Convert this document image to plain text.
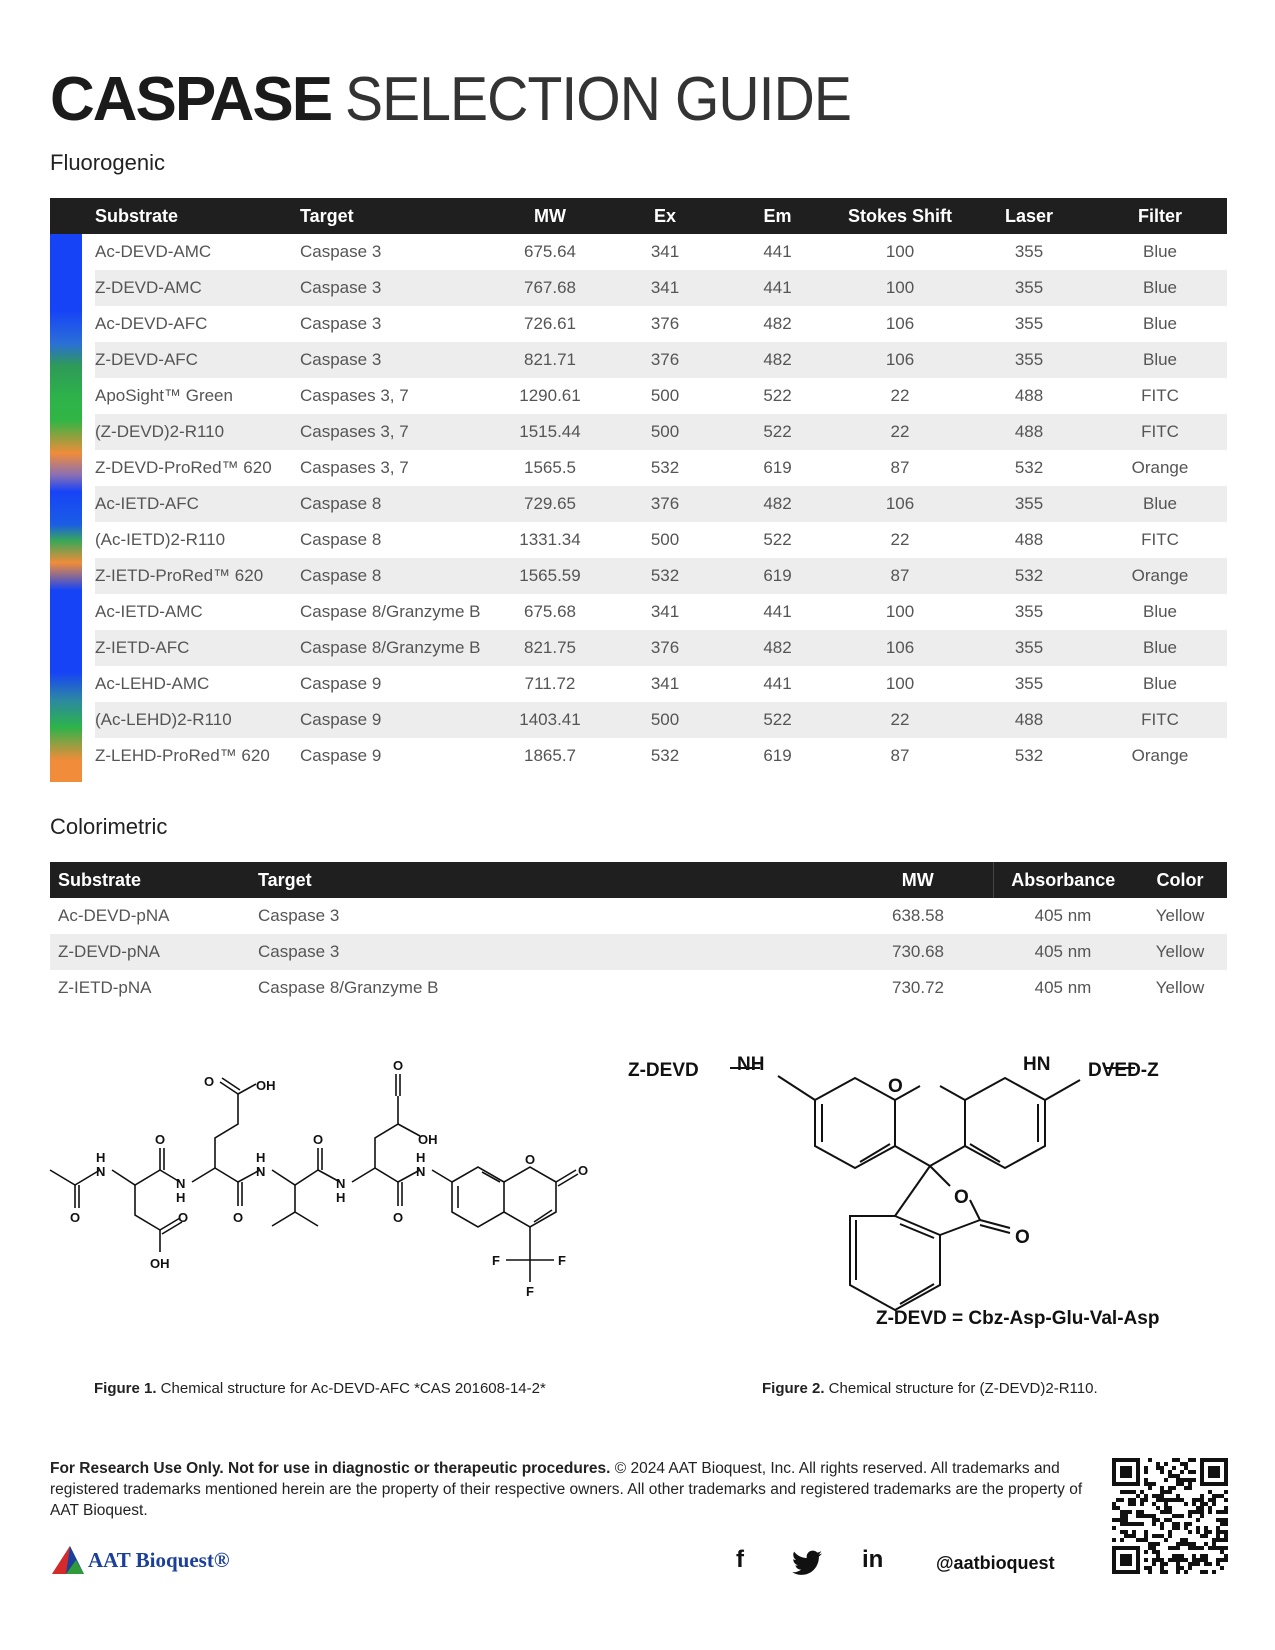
CASPASE SELECTION GUIDE
Fluorogenic
	Substrate	Target	MW	Ex	Em	Stokes Shift	Laser	Filter
	Ac-DEVD-AMC	Caspase 3	675.64	341	441	100	355	Blue
	Z-DEVD-AMC	Caspase 3	767.68	341	441	100	355	Blue
	Ac-DEVD-AFC	Caspase 3	726.61	376	482	106	355	Blue
	Z-DEVD-AFC	Caspase 3	821.71	376	482	106	355	Blue
	ApoSight™ Green	Caspases 3, 7	1290.61	500	522	22	488	FITC
	(Z-DEVD)2-R110	Caspases 3, 7	1515.44	500	522	22	488	FITC
	Z-DEVD-ProRed™ 620	Caspases 3, 7	1565.5	532	619	87	532	Orange
	Ac-IETD-AFC	Caspase 8	729.65	376	482	106	355	Blue
	(Ac-IETD)2-R110	Caspase 8	1331.34	500	522	22	488	FITC
	Z-IETD-ProRed™ 620	Caspase 8	1565.59	532	619	87	532	Orange
	Ac-IETD-AMC	Caspase 8/Granzyme B	675.68	341	441	100	355	Blue
	Z-IETD-AFC	Caspase 8/Granzyme B	821.75	376	482	106	355	Blue
	Ac-LEHD-AMC	Caspase 9	711.72	341	441	100	355	Blue
	(Ac-LEHD)2-R110	Caspase 9	1403.41	500	522	22	488	FITC
	Z-LEHD-ProRed™ 620	Caspase 9	1865.7	532	619	87	532	Orange
Colorimetric
Substrate	Target	MW	Absorbance	Color
Ac-DEVD-pNA	Caspase 3	638.58	405 nm	Yellow
Z-DEVD-pNA	Caspase 3	730.68	405 nm	Yellow
Z-IETD-pNA	Caspase 8/Granzyme B	730.72	405 nm	Yellow
O
H
N
O
O
OH
N
H
O	OH
O
H
N
O
N
H
O
OH
O
H
N
O
O
F	F
F
Z-DEVD NH
O
HN DVED-Z
O
O
Z-DEVD = Cbz-Asp-Glu-Val-Asp
Figure 1. Chemical structure for Ac-DEVD-AFC *CAS 201608-14-2*	Figure 2. Chemical structure for (Z-DEVD)2-R110.
For Research Use Only. Not for use in diagnostic or therapeutic procedures. © 2024 AAT Bioquest, Inc. All rights reserved. All trademarks and registered trademarks mentioned herein are the property of their respective owners. All other trademarks and registered trademarks are the property of AAT Bioquest.
AAT Bioquest®	f	in	@aatbioquest
